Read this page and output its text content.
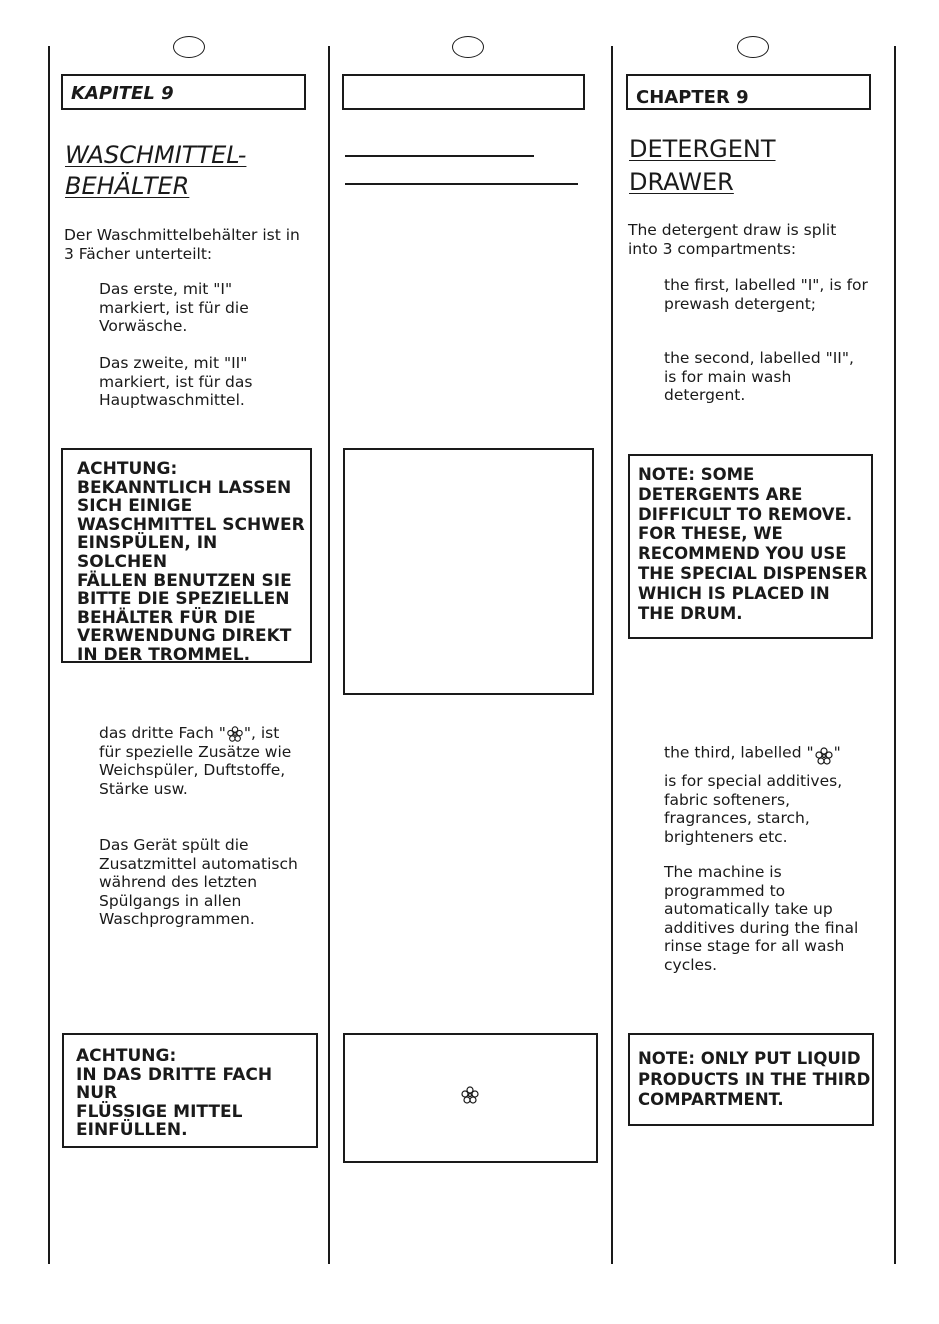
KAPITEL 9
WASCHMITTEL-
BEHÄLTER
Der Waschmittelbehälter ist in
3 Fächer unterteilt:
Das erste, mit "I"
markiert, ist für die
Vorwäsche.
Das zweite, mit "II"
markiert, ist für das
Hauptwaschmittel.
ACHTUNG:
BEKANNTLICH LASSEN
SICH EINIGE
WASCHMITTEL SCHWER
EINSPÜLEN, IN SOLCHEN
FÄLLEN BENUTZEN SIE
BITTE DIE SPEZIELLEN
BEHÄLTER FÜR DIE
VERWENDUNG DIREKT
IN DER TROMMEL.
das dritte Fach " ", ist
für spezielle Zusätze wie
Weichspüler, Duftstoffe,
Stärke usw.
Das Gerät spült die
Zusatzmittel automatisch
während des letzten
Spülgangs in allen
Waschprogrammen.
ACHTUNG:
IN DAS DRITTE FACH NUR
FLÜSSIGE MITTEL
EINFÜLLEN.
CHAPTER 9
DETERGENT
DRAWER
The detergent draw is split
into 3 compartments:
the first, labelled "I", is for
prewash detergent;
the second, labelled "II",
is for main wash
detergent.
NOTE: SOME
DETERGENTS ARE
DIFFICULT TO REMOVE.
FOR THESE, WE
RECOMMEND YOU USE
THE SPECIAL DISPENSER
WHICH IS PLACED IN
THE DRUM.
the third, labelled " "
is for special additives,
fabric softeners,
fragrances, starch,
brighteners etc.
The machine is
programmed to
automatically take up
additives during the final
rinse stage for all wash
cycles.
NOTE: ONLY PUT LIQUID
PRODUCTS IN THE THIRD
COMPARTMENT.
